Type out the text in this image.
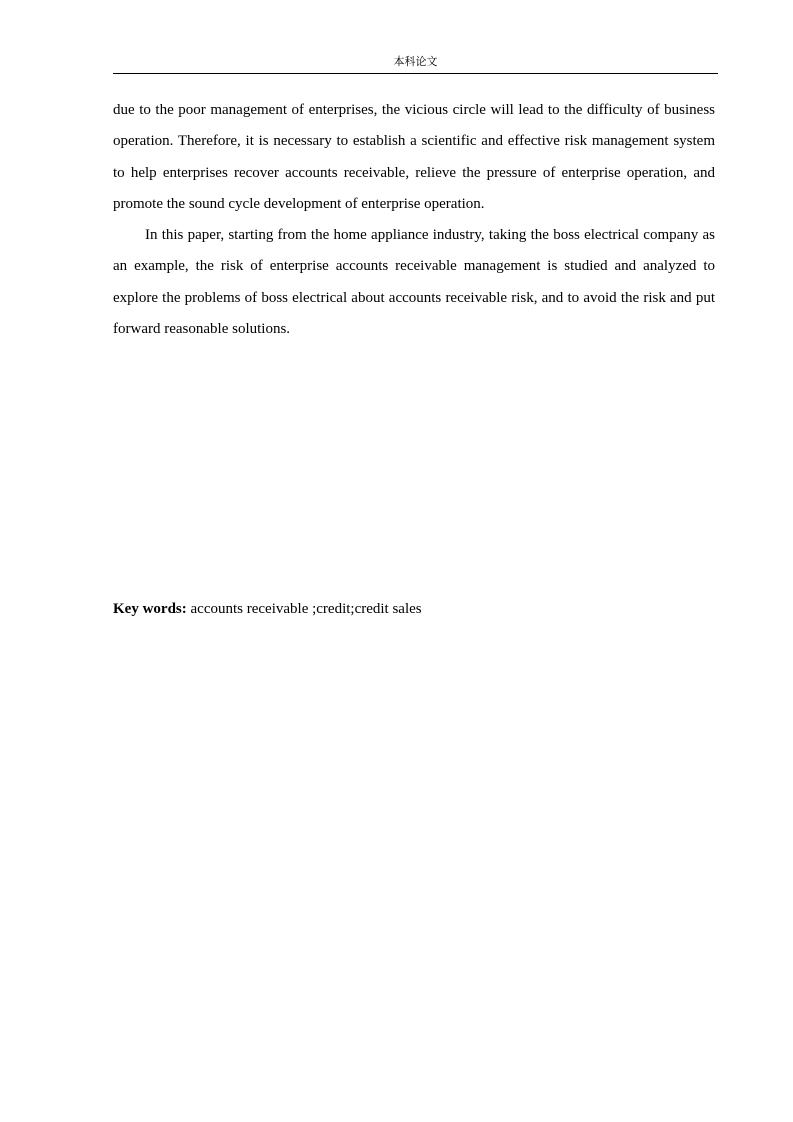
本科论文

due to the poor management of enterprises, the vicious circle will lead to the difficulty of business operation. Therefore, it is necessary to establish a scientific and effective risk management system to help enterprises recover accounts receivable, relieve the pressure of enterprise operation, and promote the sound cycle development of enterprise operation.

In this paper, starting from the home appliance industry, taking the boss electrical company as an example, the risk of enterprise accounts receivable management is studied and analyzed to explore the problems of boss electrical about accounts receivable risk, and to avoid the risk and put forward reasonable solutions.

Key words: accounts receivable ;credit;credit sales
